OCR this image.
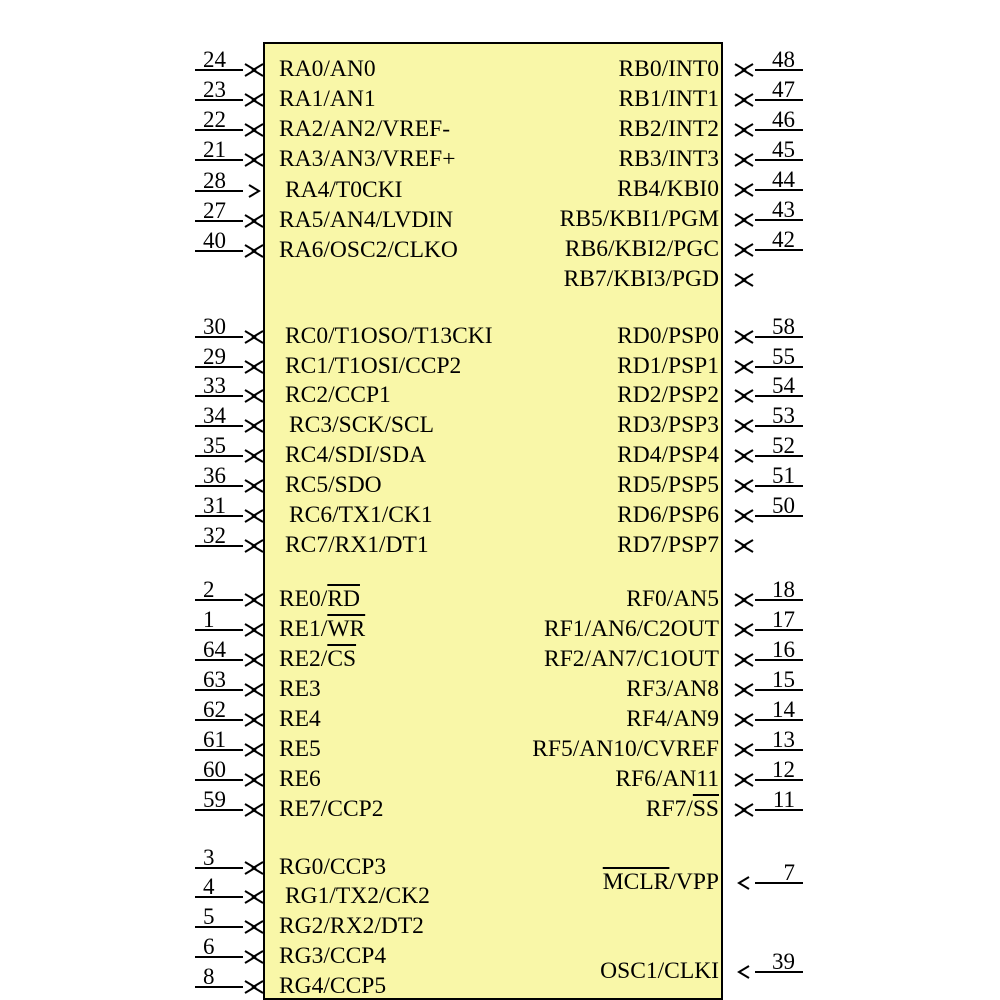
24	RA0/AN0
23	RA1/AN1
22	RA2/AN2/VREF-
21	RA3/AN3/VREF+
28	RA4/T0CKI
27	RA5/AN4/LVDIN
40	RA6/OSC2/CLKO
30	RC0/T1OSO/T13CKI
29	RC1/T1OSI/CCP2
33	RC2/CCP1
34	RC3/SCK/SCL
35	RC4/SDI/SDA
36	RC5/SDO
31	RC6/TX1/CK1
32	RC7/RX1/DT1
2	$RE0/\overline{RD}$
1	$RE1/\overline{WR}$
64	$RE2/\overline{CS}$
63	RE3
62	RE4
61	RE5
60	RE6
59	RE7/CCP2
3	RG0/CCP3
4	RG1/TX2/CK2
5	RG2/RX2/DT2
6	RG3/CCP4
8	RG4/CCP5
RB0/INT0	48
RB1/INT1	47
RB2/INT2	46
RB3/INT3	45
RB4/KBI0	44
RB5/KBI1/PGM	43
RB6/KBI2/PGC	42
RB7/KBI3/PGD
RD0/PSP0	58
RD1/PSP1	55
RD2/PSP2	54
RD3/PSP3	53
RD4/PSP4	52
RD5/PSP5	51
RD6/PSP6	50
RD7/PSP7
RF0/AN5	18
RF1/AN6/C2OUT	17
RF2/AN7/C1OUT	16
RF3/AN8	15
RF4/AN9	14
RF5/AN10/CVREF	13
RF6/AN11	12
$RF7/\overline{SS}$	11
MCLR/VPP	7
OSC1/CLKI	39
